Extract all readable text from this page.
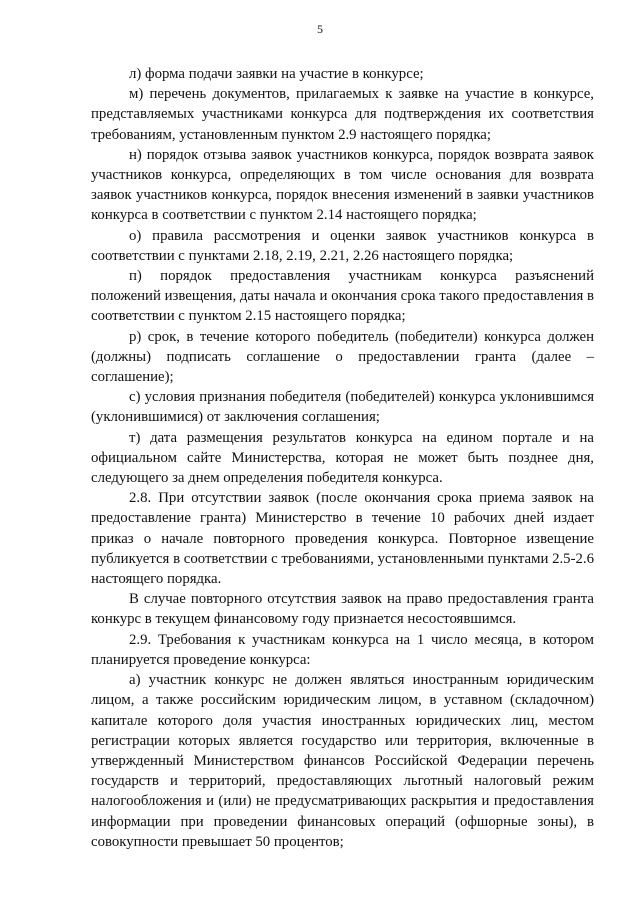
5

л) форма подачи заявки на участие в конкурсе;

м) перечень документов, прилагаемых к заявке на участие в конкурсе, представляемых участниками конкурса для подтверждения их соответствия требованиям, установленным пунктом 2.9 настоящего порядка;

н) порядок отзыва заявок участников конкурса, порядок возврата заявок участников конкурса, определяющих в том числе основания для возврата заявок участников конкурса, порядок внесения изменений в заявки участников конкурса в соответствии с пунктом 2.14 настоящего порядка;

о) правила рассмотрения и оценки заявок участников конкурса в соответствии с пунктами 2.18, 2.19, 2.21, 2.26 настоящего порядка;

п) порядок предоставления участникам конкурса разъяснений положений извещения, даты начала и окончания срока такого предоставления в соответствии с пунктом 2.15 настоящего порядка;

р) срок, в течение которого победитель (победители) конкурса должен (должны) подписать соглашение о предоставлении гранта (далее – соглашение);

с) условия признания победителя (победителей) конкурса уклонившимся (уклонившимися) от заключения соглашения;

т) дата размещения результатов конкурса на едином портале и на официальном сайте Министерства, которая не может быть позднее дня, следующего за днем определения победителя конкурса.

2.8. При отсутствии заявок (после окончания срока приема заявок на предоставление гранта) Министерство в течение 10 рабочих дней издает приказ о начале повторного проведения конкурса. Повторное извещение публикуется в соответствии с требованиями, установленными пунктами 2.5-2.6 настоящего порядка.

В случае повторного отсутствия заявок на право предоставления гранта конкурс в текущем финансовому году признается несостоявшимся.

2.9. Требования к участникам конкурса на 1 число месяца, в котором планируется проведение конкурса:

а) участник конкурс не должен являться иностранным юридическим лицом, а также российским юридическим лицом, в уставном (складочном) капитале которого доля участия иностранных юридических лиц, местом регистрации которых является государство или территория, включенные в утвержденный Министерством финансов Российской Федерации перечень государств и территорий, предоставляющих льготный налоговый режим налогообложения и (или) не предусматривающих раскрытия и предоставления информации при проведении финансовых операций (офшорные зоны), в совокупности превышает 50 процентов;
